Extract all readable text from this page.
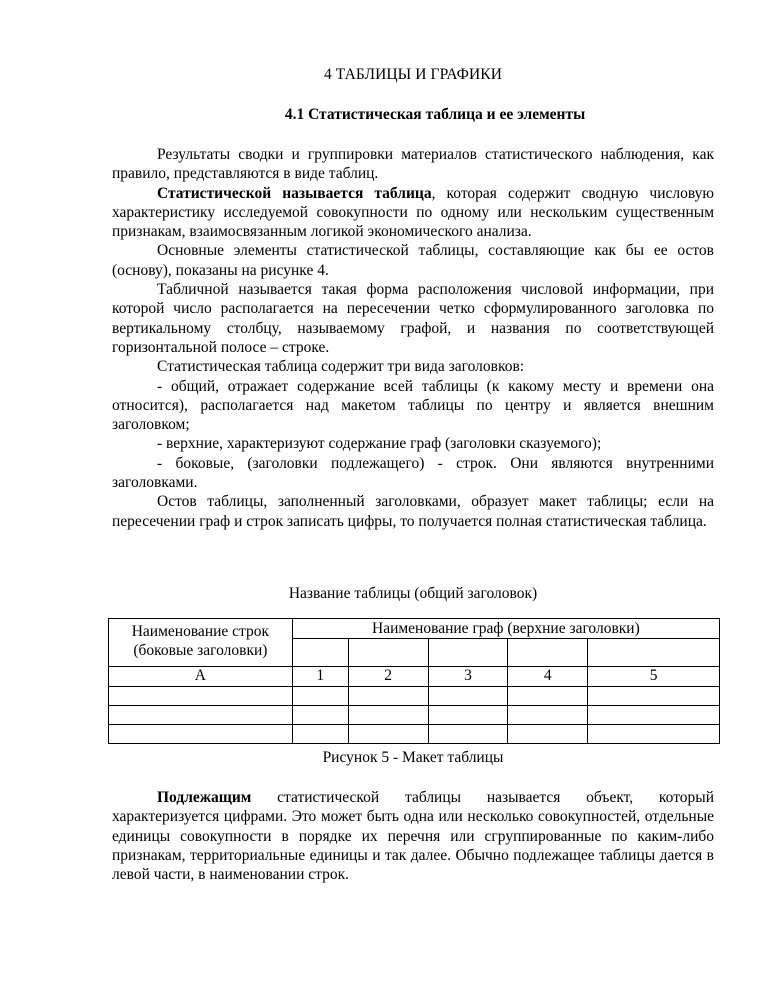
4 ТАБЛИЦЫ И ГРАФИКИ
4.1 Статистическая таблица и ее элементы

Результаты сводки и группировки материалов статистического наблюдения, как правило, представляются в виде таблиц.

Статистической называется таблица, которая содержит сводную числовую характеристику исследуемой совокупности по одному или нескольким существенным признакам, взаимосвязанным логикой экономического анализа.

Основные элементы статистической таблицы, составляющие как бы ее остов (основу), показаны на рисунке 4.

Табличной называется такая форма расположения числовой информации, при которой число располагается на пересечении четко сформулированного заголовка по вертикальному столбцу, называемому графой, и названия по соответствующей горизонтальной полосе – строке.

Статистическая таблица содержит три вида заголовков:

- общий, отражает содержание всей таблицы (к какому месту и времени она относится), располагается над макетом таблицы по центру и является внешним заголовком;

- верхние, характеризуют содержание граф (заголовки сказуемого);

- боковые, (заголовки подлежащего) - строк. Они являются внутренними заголовками.

Остов таблицы, заполненный заголовками, образует макет таблицы; если на пересечении граф и строк записать цифры, то получается полная статистическая таблица.

Название таблицы (общий заголовок)
Наименование строк (боковые заголовки)	Наименование граф (верхние заголовки)				

А	1	2	3	4	5

Рисунок 5 - Макет таблицы

Подлежащим статистической таблицы называется объект, который характеризуется цифрами. Это может быть одна или несколько совокупностей, отдельные единицы совокупности в порядке их перечня или сгруппированные по каким-либо признакам, территориальные единицы и так далее. Обычно подлежащее таблицы дается в левой части, в наименовании строк.
